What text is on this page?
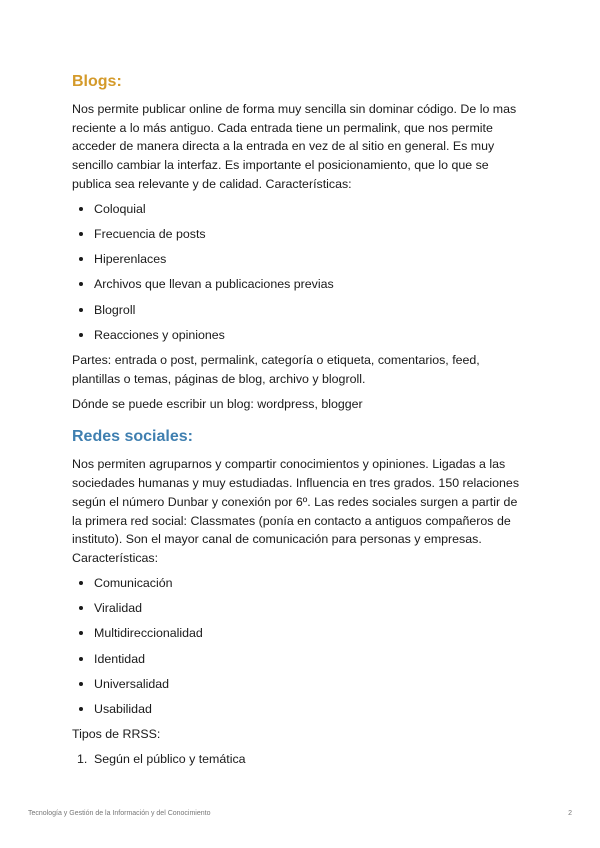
Blogs:

Nos permite publicar online de forma muy sencilla sin dominar código. De lo mas reciente a lo más antiguo. Cada entrada tiene un permalink, que nos permite acceder de manera directa a la entrada en vez de al sitio en general. Es muy sencillo cambiar la interfaz. Es importante el posicionamiento, que lo que se publica sea relevante y de calidad. Características:

Coloquial
Frecuencia de posts
Hiperenlaces
Archivos que llevan a publicaciones previas
Blogroll
Reacciones y opiniones

Partes: entrada o post, permalink, categoría o etiqueta, comentarios, feed, plantillas o temas, páginas de blog, archivo y blogroll.

Dónde se puede escribir un blog: wordpress, blogger

Redes sociales:

Nos permiten agruparnos y compartir conocimientos y opiniones. Ligadas a las sociedades humanas y muy estudiadas. Influencia en tres grados. 150 relaciones según el número Dunbar y conexión por 6º. Las redes sociales surgen a partir de la primera red social: Classmates (ponía en contacto a antiguos compañeros de instituto). Son el mayor canal de comunicación para personas y empresas. Características:

Comunicación
Viralidad
Multidireccionalidad
Identidad
Universalidad
Usabilidad

Tipos de RRSS:

1. Según el público y temática
Tecnología y Gestión de la Información y del Conocimiento	2
